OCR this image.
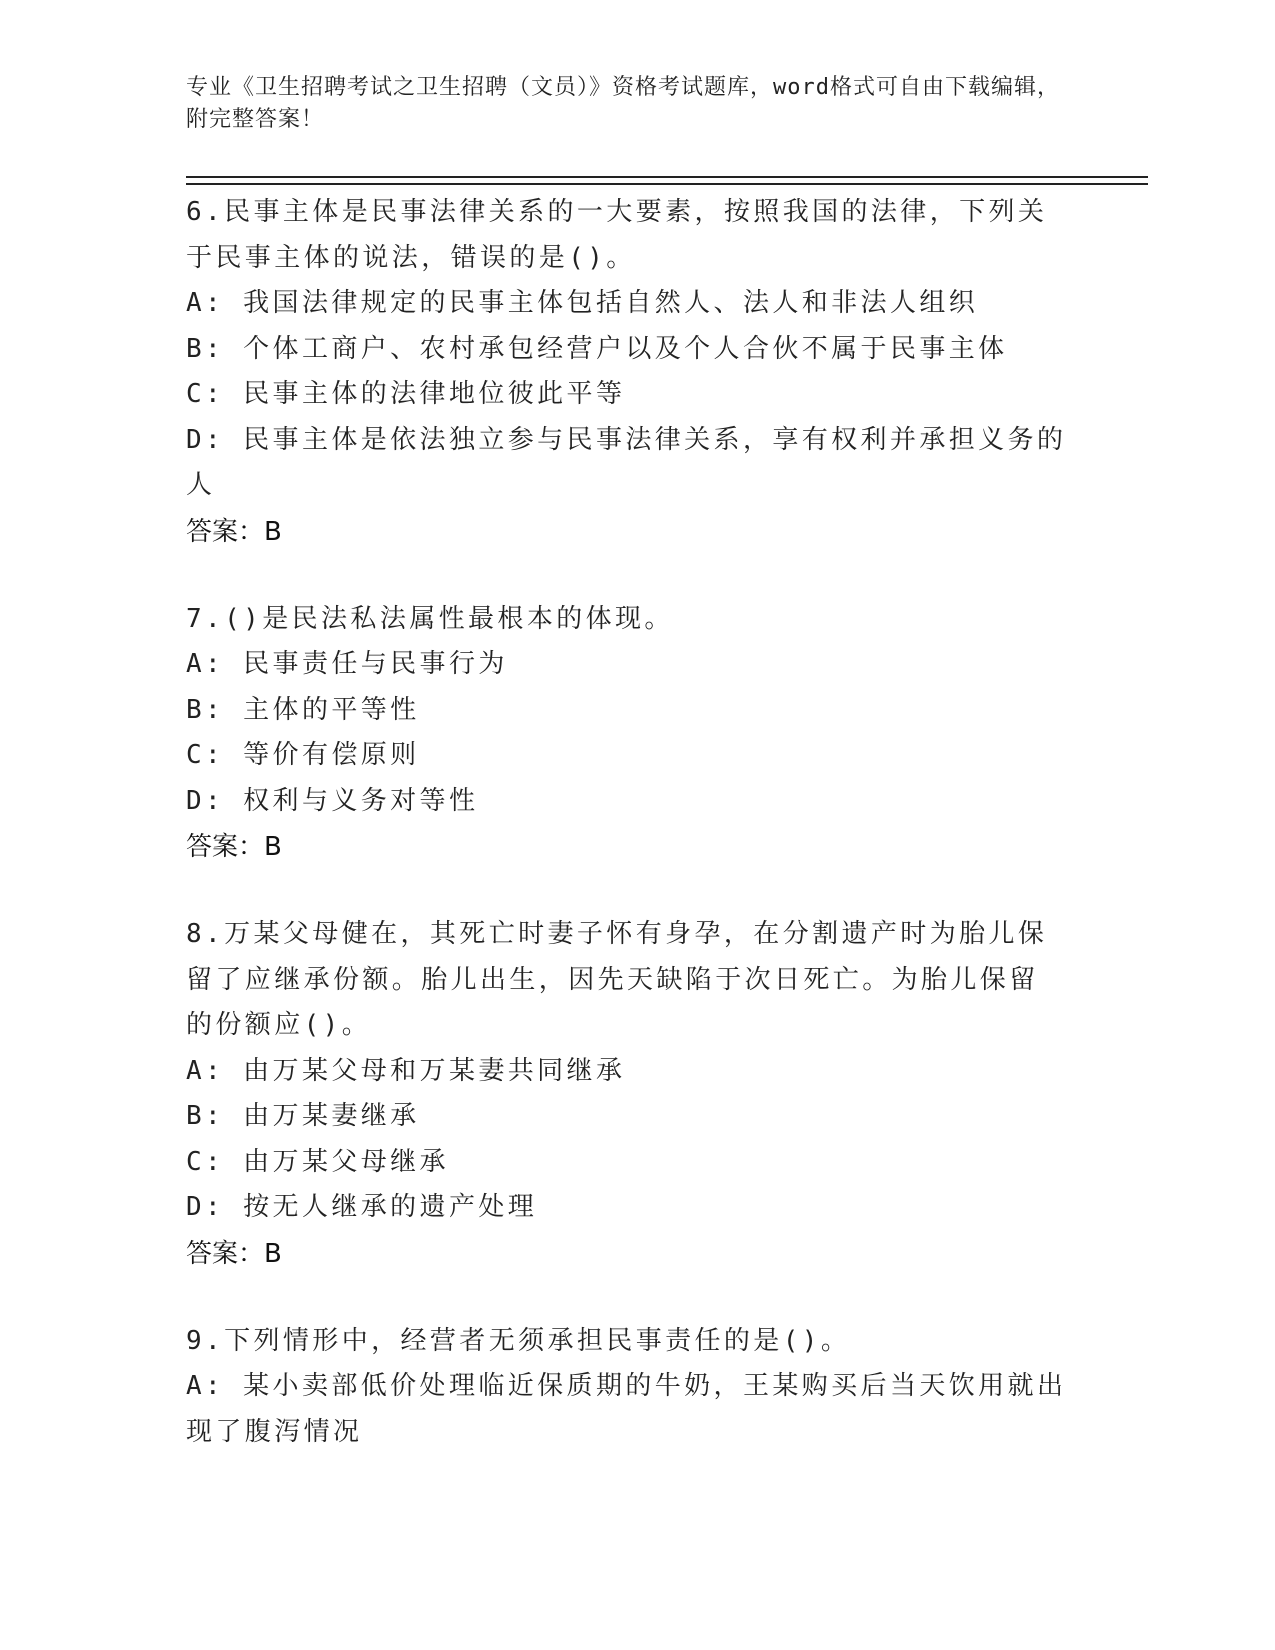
专业《卫生招聘考试之卫生招聘（文员）》资格考试题库，word格式可自由下载编辑，附完整答案！
6.民事主体是民事法律关系的一大要素，按照我国的法律，下列关于民事主体的说法，错误的是()。
A: 我国法律规定的民事主体包括自然人、法人和非法人组织
B: 个体工商户、农村承包经营户以及个人合伙不属于民事主体
C: 民事主体的法律地位彼此平等
D: 民事主体是依法独立参与民事法律关系，享有权利并承担义务的人
答案：B
7.()是民法私法属性最根本的体现。
A: 民事责任与民事行为
B: 主体的平等性
C: 等价有偿原则
D: 权利与义务对等性
答案：B
8.万某父母健在，其死亡时妻子怀有身孕，在分割遗产时为胎儿保留了应继承份额。胎儿出生，因先天缺陷于次日死亡。为胎儿保留的份额应()。
A: 由万某父母和万某妻共同继承
B: 由万某妻继承
C: 由万某父母继承
D: 按无人继承的遗产处理
答案：B
9.下列情形中，经营者无须承担民事责任的是()。
A: 某小卖部低价处理临近保质期的牛奶，王某购买后当天饮用就出现了腹泻情况
